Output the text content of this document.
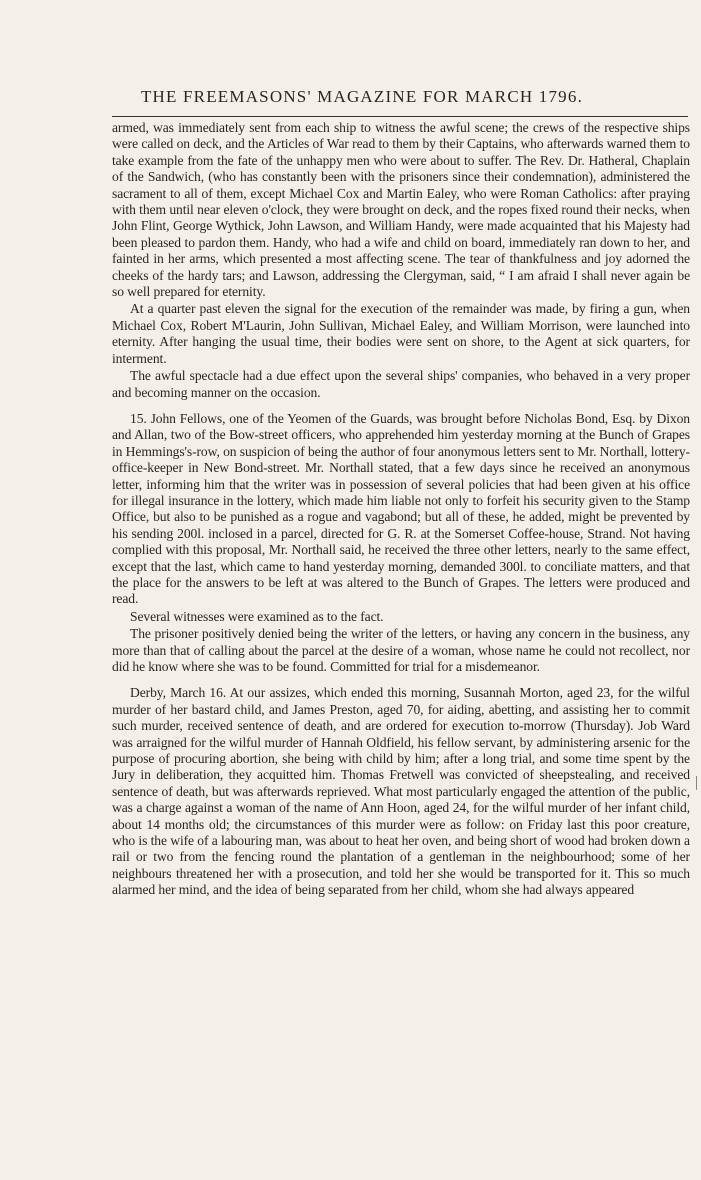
THE FREEMASONS' MAGAZINE FOR MARCH 1796.

armed, was immediately sent from each ship to witness the awful scene; the crews of the respective ships were called on deck, and the Articles of War read to them by their Captains, who afterwards warned them to take example from the fate of the unhappy men who were about to suffer. The Rev. Dr. Hatheral, Chaplain of the Sandwich, (who has constantly been with the prisoners since their condemnation), administered the sacrament to all of them, except Michael Cox and Martin Ealey, who were Roman Catholics: after praying with them until near eleven o'clock, they were brought on deck, and the ropes fixed round their necks, when John Flint, George Wythick, John Lawson, and William Handy, were made acquainted that his Majesty had been pleased to pardon them. Handy, who had a wife and child on board, immediately ran down to her, and fainted in her arms, which presented a most affecting scene. The tear of thankfulness and joy adorned the cheeks of the hardy tars; and Lawson, addressing the Clergyman, said, “ I am afraid I shall never again be so well prepared for eternity.

At a quarter past eleven the signal for the execution of the remainder was made, by firing a gun, when Michael Cox, Robert M'Laurin, John Sullivan, Michael Ealey, and William Morrison, were launched into eternity. After hanging the usual time, their bodies were sent on shore, to the Agent at sick quarters, for interment.

The awful spectacle had a due effect upon the several ships' companies, who behaved in a very proper and becoming manner on the occasion.

15. John Fellows, one of the Yeomen of the Guards, was brought before Nicholas Bond, Esq. by Dixon and Allan, two of the Bow-street officers, who apprehended him yesterday morning at the Bunch of Grapes in Hemmings's-row, on suspicion of being the author of four anonymous letters sent to Mr. Northall, lottery-office-keeper in New Bond-street. Mr. Northall stated, that a few days since he received an anonymous letter, informing him that the writer was in possession of several policies that had been given at his office for illegal insurance in the lottery, which made him liable not only to forfeit his security given to the Stamp Office, but also to be punished as a rogue and vagabond; but all of these, he added, might be prevented by his sending 200l. inclosed in a parcel, directed for G. R. at the Somerset Coffee-house, Strand. Not having complied with this proposal, Mr. Northall said, he received the three other letters, nearly to the same effect, except that the last, which came to hand yesterday morning, demanded 300l. to conciliate matters, and that the place for the answers to be left at was altered to the Bunch of Grapes. The letters were produced and read.

Several witnesses were examined as to the fact.

The prisoner positively denied being the writer of the letters, or having any concern in the business, any more than that of calling about the parcel at the desire of a woman, whose name he could not recollect, nor did he know where she was to be found. Committed for trial for a misdemeanor.

Derby, March 16. At our assizes, which ended this morning, Susannah Morton, aged 23, for the wilful murder of her bastard child, and James Preston, aged 70, for aiding, abetting, and assisting her to commit such murder, received sentence of death, and are ordered for execution to-morrow (Thursday). Job Ward was arraigned for the wilful murder of Hannah Oldfield, his fellow servant, by administering arsenic for the purpose of procuring abortion, she being with child by him; after a long trial, and some time spent by the Jury in deliberation, they acquitted him. Thomas Fretwell was convicted of sheepstealing, and received sentence of death, but was afterwards reprieved. What most particularly engaged the attention of the public, was a charge against a woman of the name of Ann Hoon, aged 24, for the wilful murder of her infant child, about 14 months old; the circumstances of this murder were as follow: on Friday last this poor creature, who is the wife of a labouring man, was about to heat her oven, and being short of wood had broken down a rail or two from the fencing round the plantation of a gentleman in the neighbourhood; some of her neighbours threatened her with a prosecution, and told her she would be transported for it. This so much alarmed her mind, and the idea of being separated from her child, whom she had always appeared
